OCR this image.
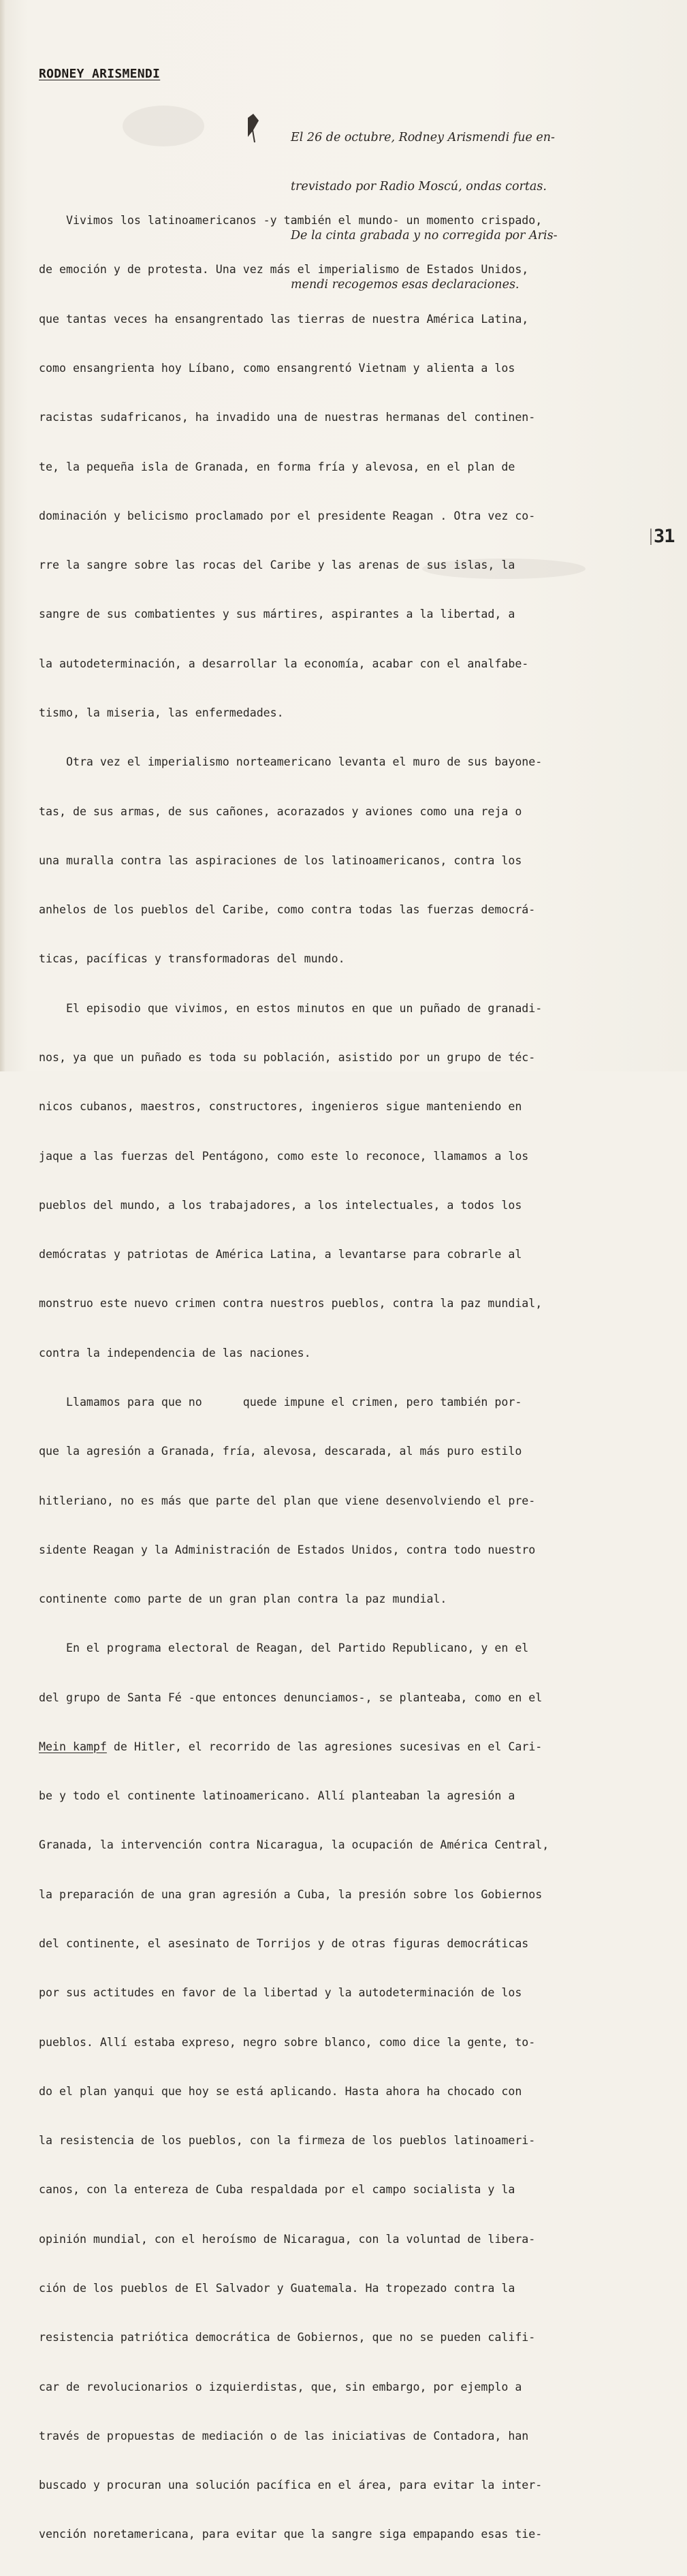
RODNEY ARISMENDI

El 26 de octubre, Rodney Arismendi fue en-

trevistado por Radio Moscú, ondas cortas.

De la cinta grabada y no corregida por Aris-

mendi recogemos esas declaraciones.

Vivimos los latinoamericanos -y también el mundo- un momento crispado,

de emoción y de protesta. Una vez más el imperialismo de Estados Unidos,

que tantas veces ha ensangrentado las tierras de nuestra América Latina,

como ensangrienta hoy Líbano, como ensangrentó Vietnam y alienta a los

racistas sudafricanos, ha invadido una de nuestras hermanas del continen-

te, la pequeña isla de Granada, en forma fría y alevosa, en el plan de

dominación y belicismo proclamado por el presidente Reagan . Otra vez co-

rre la sangre sobre las rocas del Caribe y las arenas de sus islas, la

sangre de sus combatientes y sus mártires, aspirantes a la libertad, a

la autodeterminación, a desarrollar la economía, acabar con el analfabe-

tismo, la miseria, las enfermedades.

Otra vez el imperialismo norteamericano levanta el muro de sus bayone-

tas, de sus armas, de sus cañones, acorazados y aviones como una reja o

una muralla contra las aspiraciones de los latinoamericanos, contra los

anhelos de los pueblos del Caribe, como contra todas las fuerzas democrá-

ticas, pacíficas y transformadoras del mundo.

El episodio que vivimos, en estos minutos en que un puñado de granadi-

nos, ya que un puñado es toda su población, asistido por un grupo de téc-

nicos cubanos, maestros, constructores, ingenieros sigue manteniendo en

jaque a las fuerzas del Pentágono, como este lo reconoce, llamamos a los

pueblos del mundo, a los trabajadores, a los intelectuales, a todos los

demócratas y patriotas de América Latina, a levantarse para cobrarle al

monstruo este nuevo crimen contra nuestros pueblos, contra la paz mundial,

contra la independencia de las naciones.

Llamamos para que no      quede impune el crimen, pero también por-

que la agresión a Granada, fría, alevosa, descarada, al más puro estilo

hitleriano, no es más que parte del plan que viene desenvolviendo el pre-

sidente Reagan y la Administración de Estados Unidos, contra todo nuestro

continente como parte de un gran plan contra la paz mundial.

En el programa electoral de Reagan, del Partido Republicano, y en el

del grupo de Santa Fé -que entonces denunciamos-, se planteaba, como en el

Mein kampf de Hitler, el recorrido de las agresiones sucesivas en el Cari-

be y todo el continente latinoamericano. Allí planteaban la agresión a

Granada, la intervención contra Nicaragua, la ocupación de América Central,

la preparación de una gran agresión a Cuba, la presión sobre los Gobiernos

del continente, el asesinato de Torrijos y de otras figuras democráticas

por sus actitudes en favor de la libertad y la autodeterminación de los

pueblos. Allí estaba expreso, negro sobre blanco, como dice la gente, to-

do el plan yanqui que hoy se está aplicando. Hasta ahora ha chocado con

la resistencia de los pueblos, con la firmeza de los pueblos latinoameri-

canos, con la entereza de Cuba respaldada por el campo socialista y la

opinión mundial, con el heroísmo de Nicaragua, con la voluntad de libera-

ción de los pueblos de El Salvador y Guatemala. Ha tropezado contra la

resistencia patriótica democrática de Gobiernos, que no se pueden califi-

car de revolucionarios o izquierdistas, que, sin embargo, por ejemplo a

través de propuestas de mediación o de las iniciativas de Contadora, han

buscado y procuran una solución pacífica en el área, para evitar la inter-

vención noretamericana, para evitar que la sangre siga empapando esas tie-

31
